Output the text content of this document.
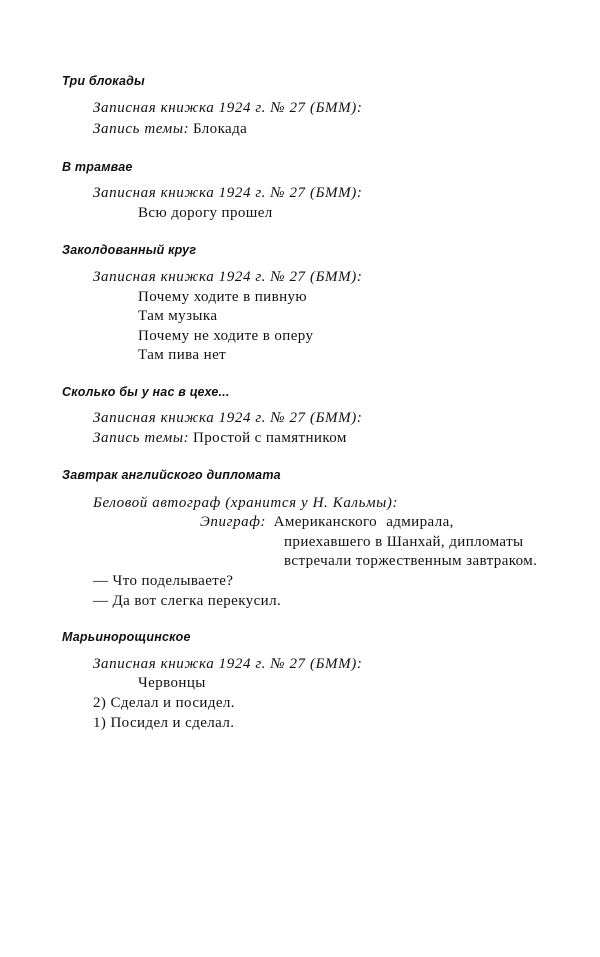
Три блокады
Записная книжка 1924 г. № 27 (БММ):
Запись темы: Блокада
В трамвае
Записная книжка 1924 г. № 27 (БММ):
Всю дорогу прошел
Заколдованный круг
Записная книжка 1924 г. № 27 (БММ):
Почему ходите в пивную
Там музыка
Почему не ходите в оперу
Там пива нет
Сколько бы у нас в цехе...
Записная книжка 1924 г. № 27 (БММ):
Запись темы: Простой с памятником
Завтрак английского дипломата
Беловой автограф (хранится у Н. Кальмы):
Эпиграф: Американского адмирала,
приехавшего в Шанхай, дипломаты
встречали торжественным завтраком.
— Что поделываете?
— Да вот слегка перекусил.
Марьинорощинское
Записная книжка 1924 г. № 27 (БММ):
Червонцы
2) Сделал и посидел.
1) Посидел и сделал.
